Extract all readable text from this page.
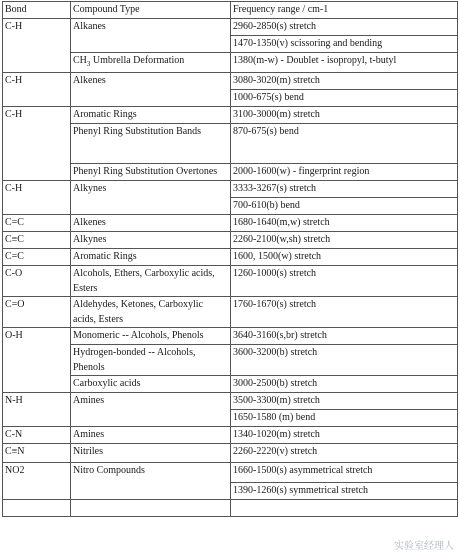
Bond	Compound Type	Frequency range / cm-1
C-H	Alkanes	2960-2850(s) stretch
		1470-1350(v) scissoring and bending
	$CH_3$ Umbrella Deformation	1380(m-w) - Doublet - isopropyl, t-butyl
C-H	Alkenes	3080-3020(m) stretch
		1000-675(s) bend
C-H	Aromatic Rings	3100-3000(m) stretch
	Phenyl Ring Substitution Bands	870-675(s) bend
	Phenyl Ring Substitution Overtones	2000-1600(w) - fingerprint region
C-H	Alkynes	3333-3267(s) stretch
		700-610(b) bend
C=C	Alkenes	1680-1640(m,w) stretch
C≡C	Alkynes	2260-2100(w,sh) stretch
C=C	Aromatic Rings	1600, 1500(w) stretch
C-O	Alcohols, Ethers, Carboxylic acids, Esters	1260-1000(s) stretch
C=O	Aldehydes, Ketones, Carboxylic acids, Esters	1760-1670(s) stretch
O-H	Monomeric -- Alcohols, Phenols	3640-3160(s,br) stretch
	Hydrogen-bonded -- Alcohols, Phenols	3600-3200(b) stretch
	Carboxylic acids	3000-2500(b) stretch
N-H	Amines	3500-3300(m) stretch
		1650-1580 (m) bend
C-N	Amines	1340-1020(m) stretch
C≡N	Nitriles	2260-2220(v) stretch
NO2	Nitro Compounds	1660-1500(s) asymmetrical stretch
		1390-1260(s) symmetrical stretch

实验室经理人
